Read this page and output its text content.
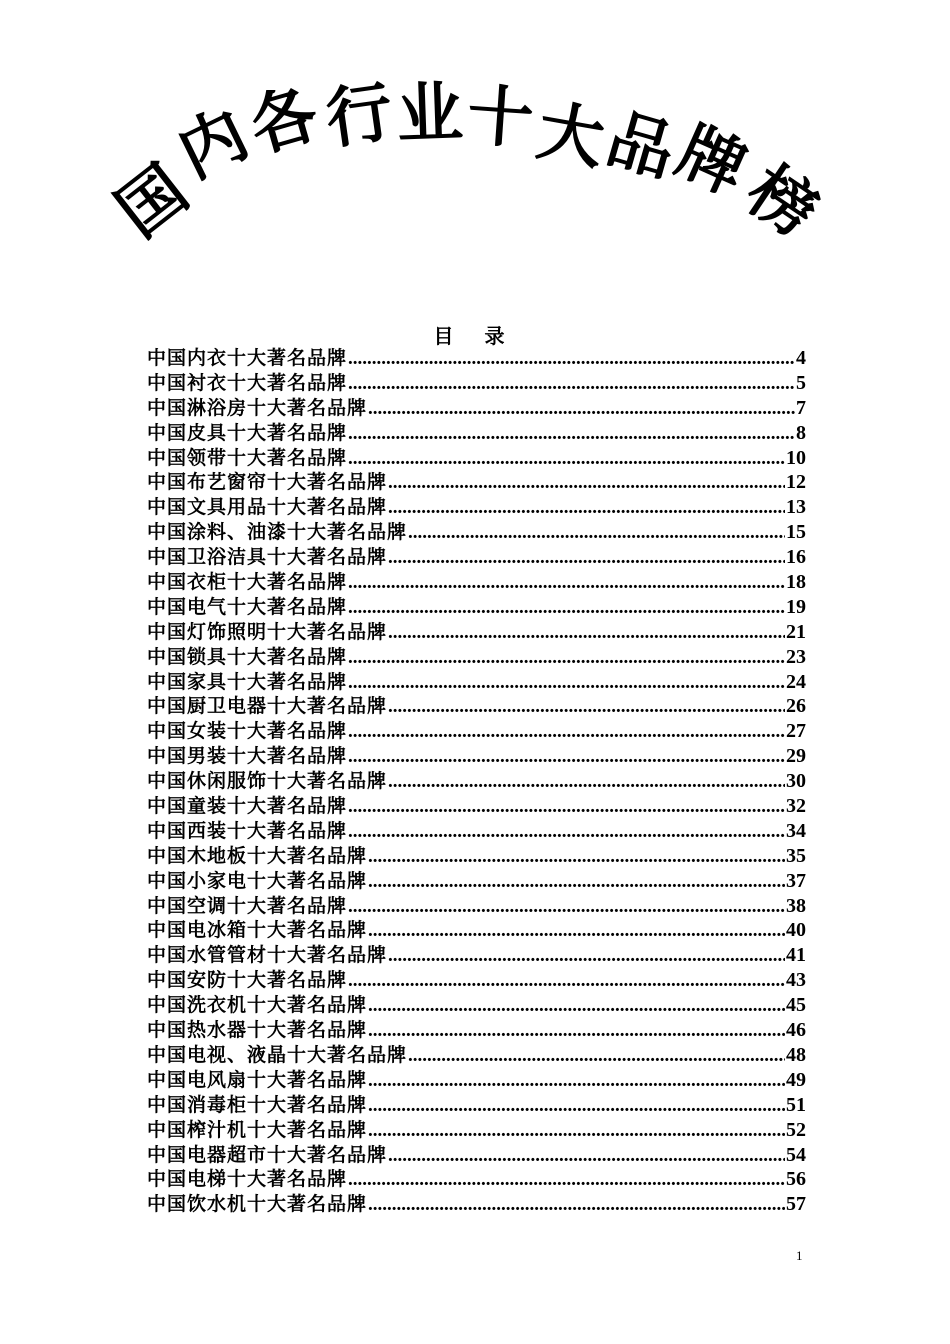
国
内
各
行
业 十
大
品
牌
榜
目 录
中国内衣十大著名品牌 .....	4
中国衬衣十大著名品牌 .....	5
中国淋浴房十大著名品牌 .....	7
中国皮具十大著名品牌 .....	8
中国领带十大著名品牌 .....	10
中国布艺窗帘十大著名品牌 .....	12
中国文具用品十大著名品牌 .....	13
中国涂料、油漆十大著名品牌 .....	15
中国卫浴洁具十大著名品牌 .....	16
中国衣柜十大著名品牌 .....	18
中国电气十大著名品牌 .....	19
中国灯饰照明十大著名品牌 .....	21
中国锁具十大著名品牌 .....	23
中国家具十大著名品牌 .....	24
中国厨卫电器十大著名品牌 .....	26
中国女装十大著名品牌 .....	27
中国男装十大著名品牌 .....	29
中国休闲服饰十大著名品牌 .....	30
中国童装十大著名品牌 .....	32
中国西装十大著名品牌 .....	34
中国木地板十大著名品牌 .....	35
中国小家电十大著名品牌 .....	37
中国空调十大著名品牌 .....	38
中国电冰箱十大著名品牌 .....	40
中国水管管材十大著名品牌 .....	41
中国安防十大著名品牌 .....	43
中国洗衣机十大著名品牌 .....	45
中国热水器十大著名品牌 .....	46
中国电视、液晶十大著名品牌 .....	48
中国电风扇十大著名品牌 .....	49
中国消毒柜十大著名品牌 .....	51
中国榨汁机十大著名品牌 .....	52
中国电器超市十大著名品牌 .....	54
中国电梯十大著名品牌 .....	56
中国饮水机十大著名品牌 .....	57
1
